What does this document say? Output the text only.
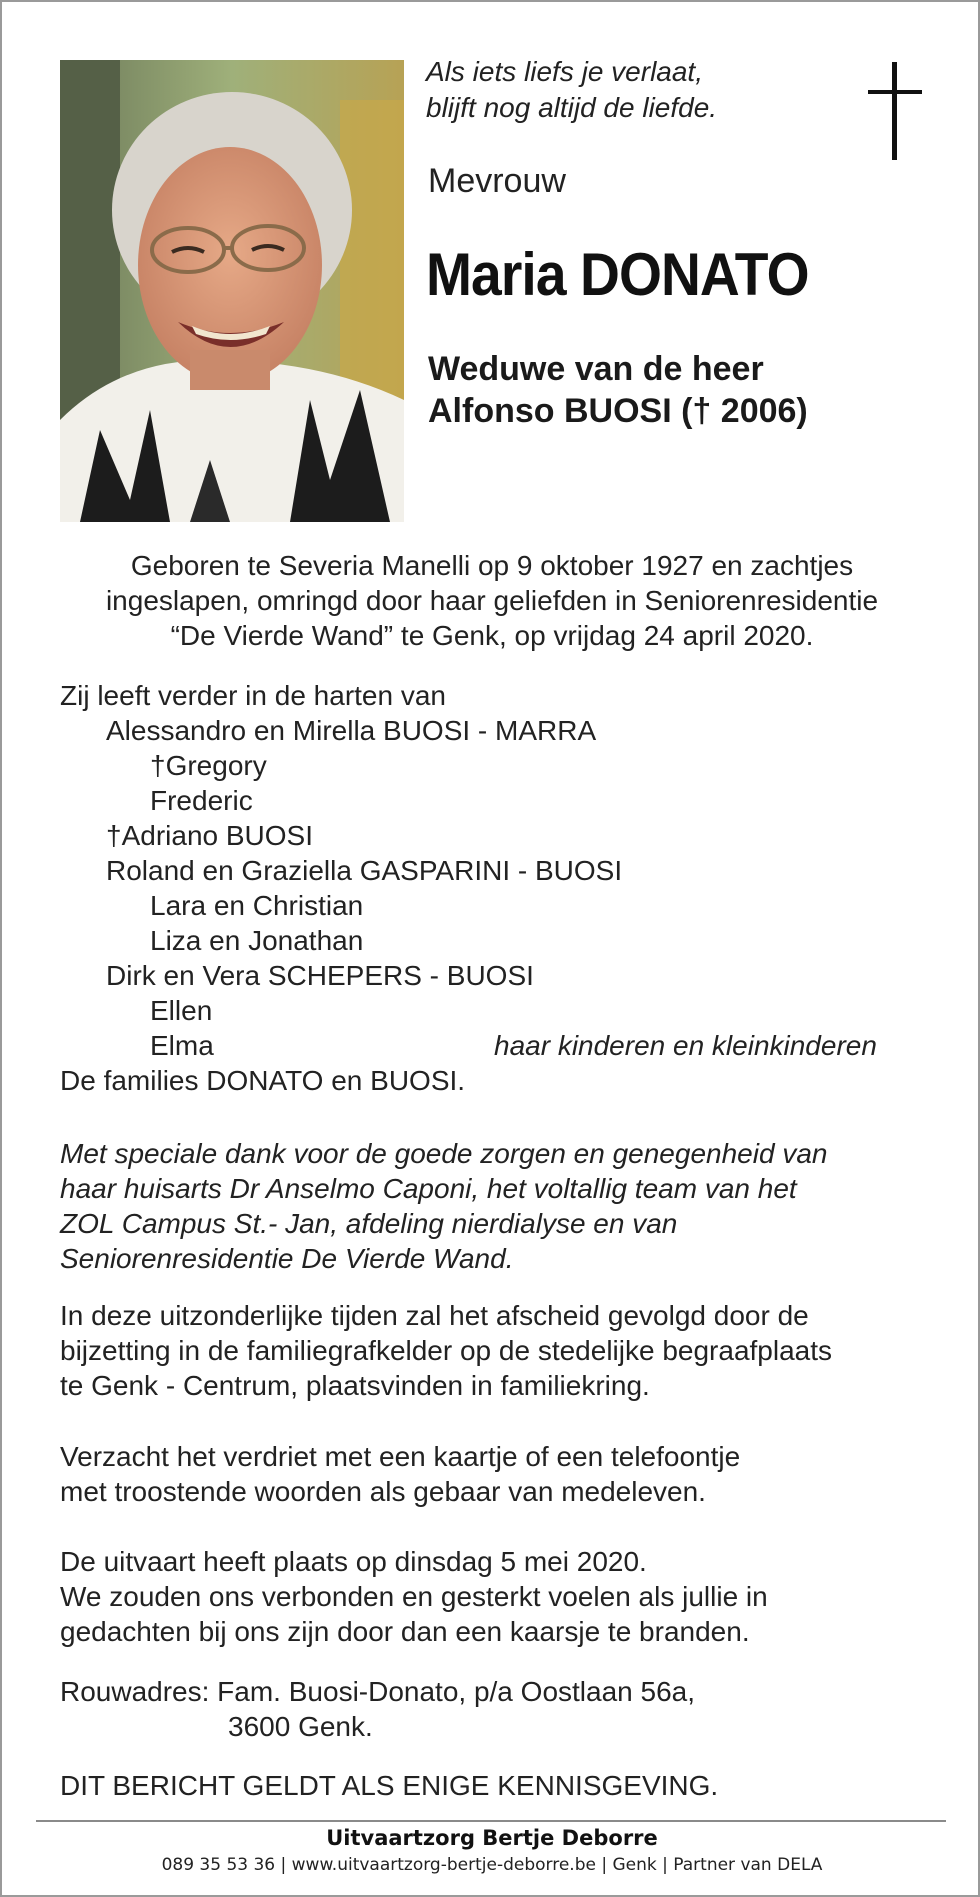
Als iets liefs je verlaat,
blijft nog altijd de liefde.
Mevrouw
Maria DONATO
Weduwe van de heer
Alfonso BUOSI († 2006)
Geboren te Severia Manelli op 9 oktober 1927 en zachtjes
ingeslapen, omringd door haar geliefden in Seniorenresidentie
“De Vierde Wand” te Genk, op vrijdag 24 april 2020.
Zij leeft verder in de harten van
Alessandro en Mirella BUOSI - MARRA
†Gregory
Frederic
†Adriano BUOSI
Roland en Graziella GASPARINI - BUOSI
Lara en Christian
Liza en Jonathan
Dirk en Vera SCHEPERS - BUOSI
Ellen
Elma
De families DONATO en BUOSI.
haar kinderen en kleinkinderen
Met speciale dank voor de goede zorgen en genegenheid van
haar huisarts Dr Anselmo Caponi, het voltallig team van het
ZOL Campus St.- Jan, afdeling nierdialyse en van
Seniorenresidentie De Vierde Wand.
In deze uitzonderlijke tijden zal het afscheid gevolgd door de
bijzetting in de familiegrafkelder op de stedelijke begraafplaats
te Genk - Centrum, plaatsvinden in familiekring.
Verzacht het verdriet met een kaartje of een telefoontje
met troostende woorden als gebaar van medeleven.
De uitvaart heeft plaats op dinsdag 5 mei 2020.
We zouden ons verbonden en gesterkt voelen als jullie in
gedachten bij ons zijn door dan een kaarsje te branden.
Rouwadres: Fam. Buosi-Donato, p/a Oostlaan 56a,
3600 Genk.
DIT BERICHT GELDT ALS ENIGE KENNISGEVING.
Uitvaartzorg Bertje Deborre
089 35 53 36 | www.uitvaartzorg-bertje-deborre.be | Genk | Partner van DELA
